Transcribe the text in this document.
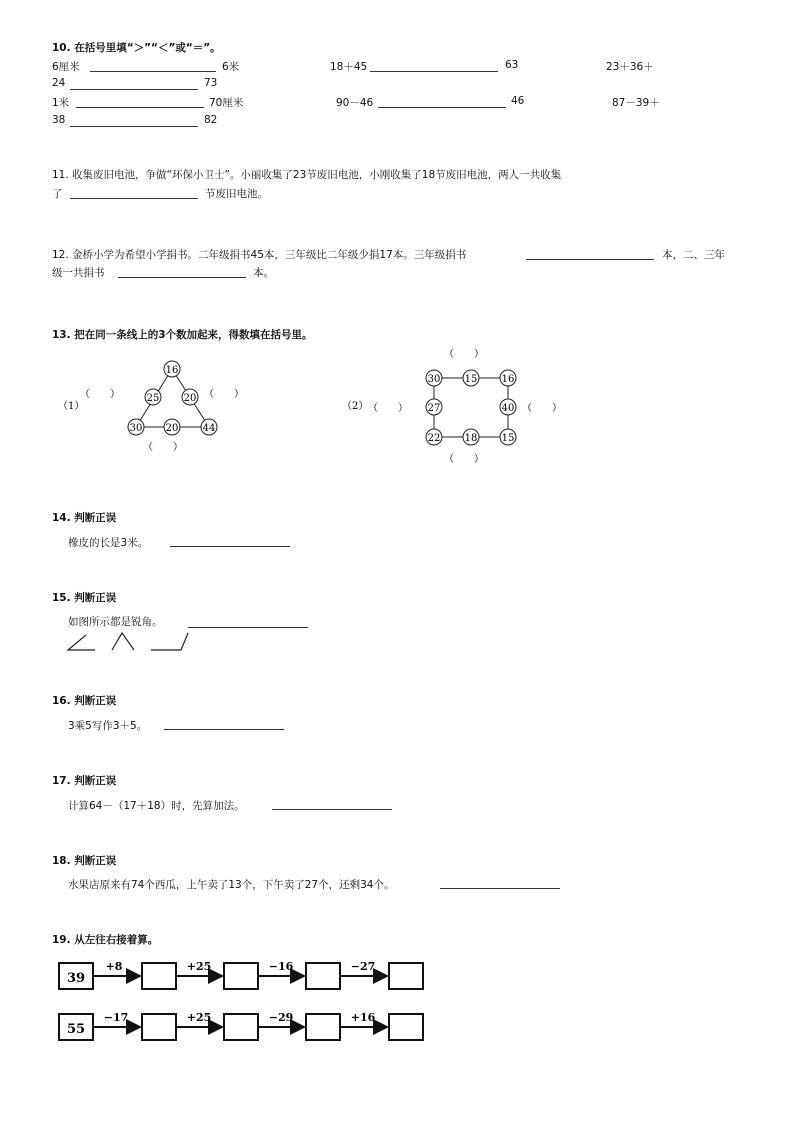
10. 在括号里填“＞”“＜”或“＝”。
6厘米	6米	18＋45	63	23＋36＋
24	73
1米	70厘米	90－46	46	87－39＋
38	82
11. 收集废旧电池，争做“环保小卫士”。小丽收集了23节废旧电池，小刚收集了18节废旧电池，两人一共收集
了	节废旧电池。
12. 金桥小学为希望小学捐书。二年级捐书45本，三年级比二年级少捐17本。三年级捐书	本，二、三年
级一共捐书	本。
13. 把在同一条线上的3个数加起来，得数填在括号里。
（1）
（　　）	（　　）
（　　）
16
25 20
30 20 44
（2）
（　　）
（　　）	（　　）
（　　）
30 15 16
27	40
22 18 15
14. 判断正误
橡皮的长是3米。
15. 判断正误
如图所示都是锐角。
16. 判断正误
3乘5写作3＋5。
17. 判断正误
计算64－（17＋18）时，先算加法。
18. 判断正误
水果店原来有74个西瓜，上午卖了13个，下午卖了27个，还剩34个。
19. 从左往右接着算。
39
+8	+25	−16	−27
55
−17	+25	−29	+16
